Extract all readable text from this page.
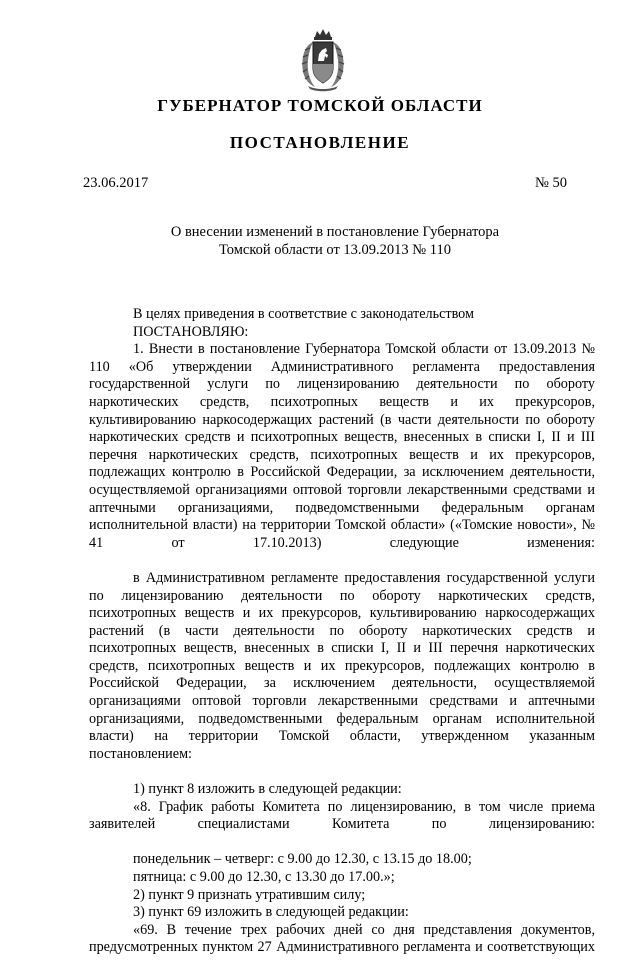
ГУБЕРНАТОР ТОМСКОЙ ОБЛАСТИ
ПОСТАНОВЛЕНИЕ
23.06.2017	№ 50
О внесении изменений в постановление Губернатора
Томской области от 13.09.2013 № 110

В целях приведения в соответствие с законодательством

ПОСТАНОВЛЯЮ:

1. Внести в постановление Губернатора Томской области от 13.09.2013 № 110 «Об утверждении Административного регламента предоставления государственной услуги по лицензированию деятельности по обороту наркотических средств, психотропных веществ и их прекурсоров, культивированию наркосодержащих растений (в части деятельности по обороту наркотических средств и психотропных веществ, внесенных в списки I, II и III перечня наркотических средств, психотропных веществ и их прекурсоров, подлежащих контролю в Российской Федерации, за исключением деятельности, осуществляемой организациями оптовой торговли лекарственными средствами и аптечными организациями, подведомственными федеральным органам исполнительной власти) на территории Томской области» («Томские новости», № 41 от 17.10.2013) следующие изменения:

в Административном регламенте предоставления государственной услуги по лицензированию деятельности по обороту наркотических средств, психотропных веществ и их прекурсоров, культивированию наркосодержащих растений (в части деятельности по обороту наркотических средств и психотропных веществ, внесенных в списки I, II и III перечня наркотических средств, психотропных веществ и их прекурсоров, подлежащих контролю в Российской Федерации, за исключением деятельности, осуществляемой организациями оптовой торговли лекарственными средствами и аптечными организациями, подведомственными федеральным органам исполнительной власти) на территории Томской области, утвержденном указанным постановлением:

1) пункт 8 изложить в следующей редакции:

«8. График работы Комитета по лицензированию, в том числе приема заявителей специалистами Комитета по лицензированию:

понедельник – четверг: с 9.00 до 12.30, с 13.15 до 18.00;

пятница: с 9.00 до 12.30, с 13.30 до 17.00.»;

2) пункт 9 признать утратившим силу;

3) пункт 69 изложить в следующей редакции:

«69. В течение трех рабочих дней со дня представления документов, предусмотренных пунктом 27 Административного регламента и соответствующих
